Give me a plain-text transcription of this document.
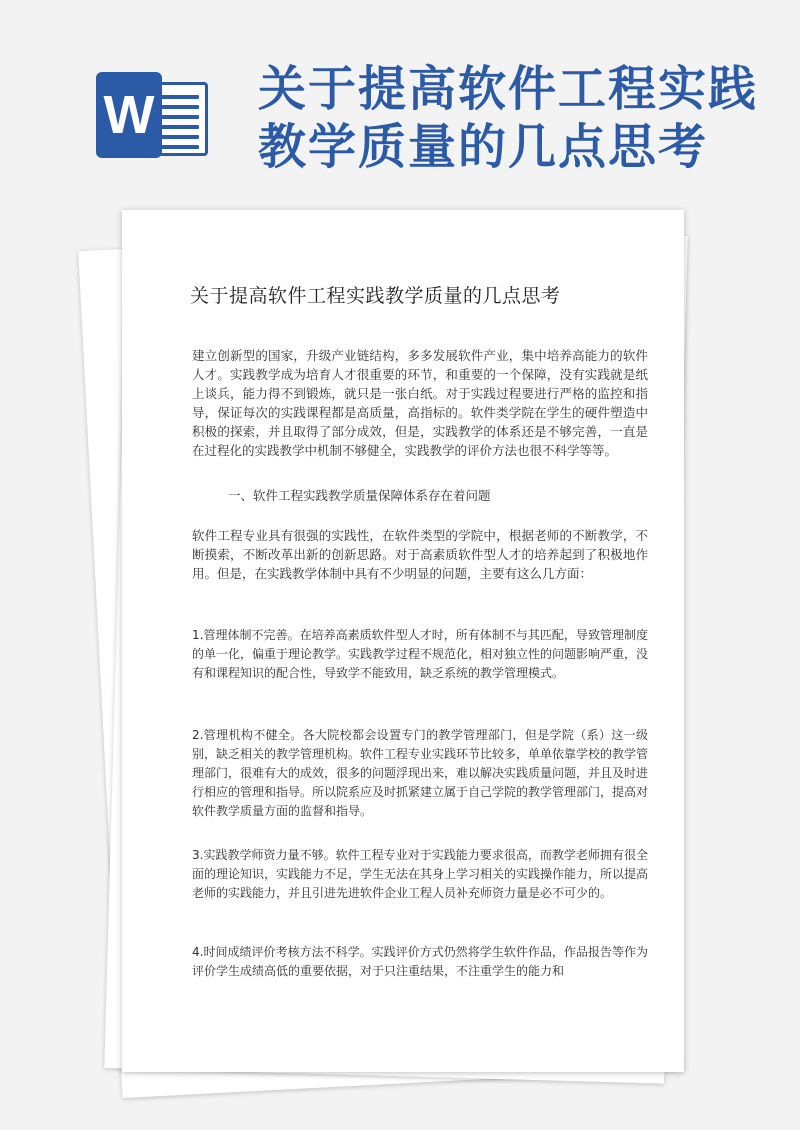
W 关于提高软件工程实践
教学质量的几点思考
关于提高软件工程实践教学质量的几点思考

建立创新型的国家，升级产业链结构，多多发展软件产业，集中培养高能力的软件人才。实践教学成为培育人才很重要的环节，和重要的一个保障，没有实践就是纸上谈兵，能力得不到锻炼，就只是一张白纸。对于实践过程要进行严格的监控和指导，保证每次的实践课程都是高质量，高指标的。软件类学院在学生的硬件塑造中积极的探索，并且取得了部分成效，但是，实践教学的体系还是不够完善，一直是在过程化的实践教学中机制不够健全，实践教学的评价方法也很不科学等等。

一、软件工程实践教学质量保障体系存在着问题

软件工程专业具有很强的实践性，在软件类型的学院中，根据老师的不断教学，不断摸索，不断改革出新的创新思路。对于高素质软件型人才的培养起到了积极地作用。但是，在实践教学体制中具有不少明显的问题，主要有这么几方面：

1.管理体制不完善。在培养高素质软件型人才时，所有体制不与其匹配，导致管理制度的单一化，偏重于理论教学。实践教学过程不规范化，相对独立性的问题影响严重，没有和课程知识的配合性，导致学不能致用，缺乏系统的教学管理模式。

2.管理机构不健全。各大院校都会设置专门的教学管理部门，但是学院（系）这一级别，缺乏相关的教学管理机构。软件工程专业实践环节比较多，单单依靠学校的教学管理部门，很难有大的成效，很多的问题浮现出来，难以解决实践质量问题，并且及时进行相应的管理和指导。所以院系应及时抓紧建立属于自己学院的教学管理部门，提高对软件教学质量方面的监督和指导。

3.实践教学师资力量不够。软件工程专业对于实践能力要求很高，而教学老师拥有很全面的理论知识，实践能力不足，学生无法在其身上学习相关的实践操作能力，所以提高老师的实践能力，并且引进先进软件企业工程人员补充师资力量是必不可少的。

4.时间成绩评价考核方法不科学。实践评价方式仍然将学生软件作品，作品报告等作为评价学生成绩高低的重要依据，对于只注重结果，不注重学生的能力和
